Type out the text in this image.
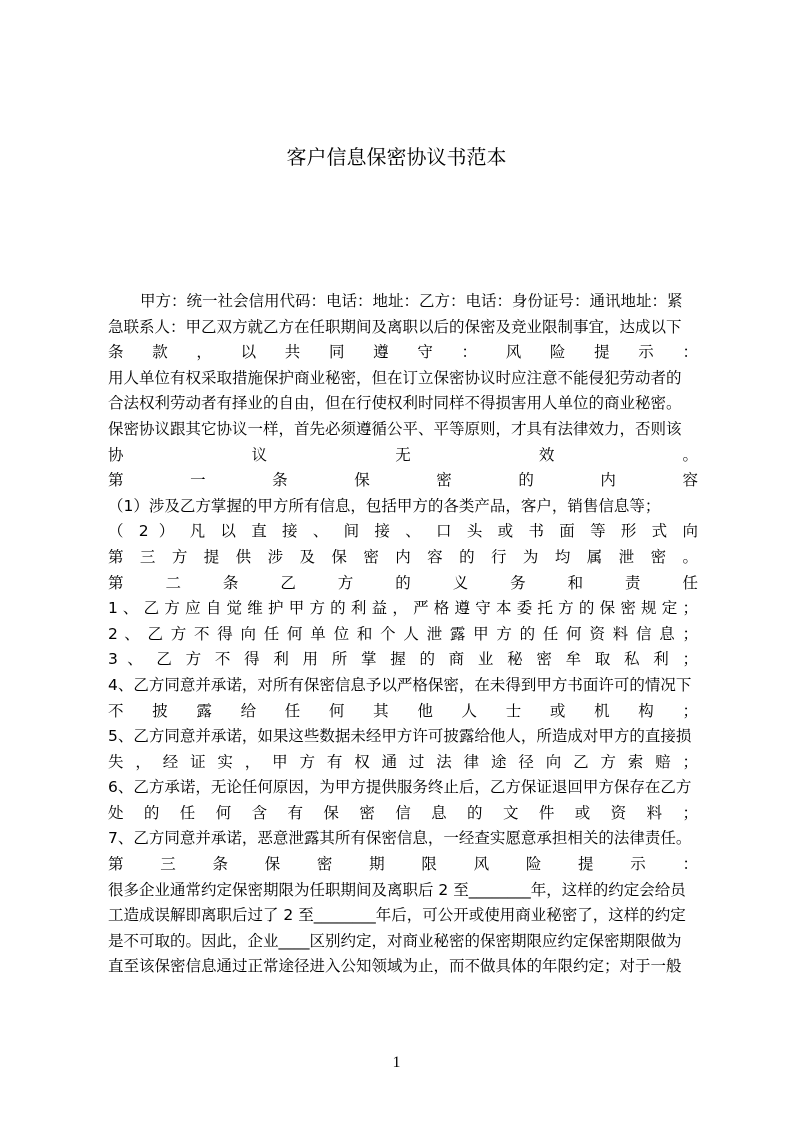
客户信息保密协议书范本
甲方：统一社会信用代码：电话：地址：乙方：电话：身份证号：通讯地址：紧
急联系人：甲乙双方就乙方在任职期间及离职以后的保密及竞业限制事宜，达成以下
条 款 ， 以 共 同 遵 守 ： 风 险 提 示 ：
用人单位有权采取措施保护商业秘密，但在订立保密协议时应注意不能侵犯劳动者的
合法权利劳动者有择业的自由，但在行使权利时同样不得损害用人单位的商业秘密。
保密协议跟其它协议一样，首先必须遵循公平、平等原则，才具有法律效力，否则该
协 议 无 效 。
第 一 条 保 密 的 内 容
（1）涉及乙方掌握的甲方所有信息，包括甲方的各类产品，客户，销售信息等；
（ 2 ） 凡 以 直 接 、 间 接 、 口 头 或 书 面 等 形 式 向
第 三 方 提 供 涉 及 保 密 内 容 的 行 为 均 属 泄 密 。
第 二 条 乙 方 的 义 务 和 责 任
1 、 乙 方 应 自 觉 维 护 甲 方 的 利 益 ， 严 格 遵 守 本 委 托 方 的 保 密 规 定 ；
2 、 乙 方 不 得 向 任 何 单 位 和 个 人 泄 露 甲 方 的 任 何 资 料 信 息 ；
3 、 乙 方 不 得 利 用 所 掌 握 的 商 业 秘 密 牟 取 私 利 ；
4、乙方同意并承诺，对所有保密信息予以严格保密，在未得到甲方书面许可的情况下
不 披 露 给 任 何 其 他 人 士 或 机 构 ；
5、乙方同意并承诺，如果这些数据未经甲方许可披露给他人，所造成对甲方的直接损
失 ， 经 证 实 ， 甲 方 有 权 通 过 法 律 途 径 向 乙 方 索 赔 ；
6、乙方承诺，无论任何原因，为甲方提供服务终止后，乙方保证退回甲方保存在乙方
处 的 任 何 含 有 保 密 信 息 的 文 件 或 资 料 ；
7、乙方同意并承诺，恶意泄露其所有保密信息，一经查实愿意承担相关的法律责任。
第 三 条 保 密 期 限 风 险 提 示 ：
很多企业通常约定保密期限为任职期间及离职后 2 至________年，这样的约定会给员
工造成误解即离职后过了 2 至________年后，可公开或使用商业秘密了，这样的约定
是不可取的。因此，企业____区别约定，对商业秘密的保密期限应约定保密期限做为
直至该保密信息通过正常途径进入公知领域为止，而不做具体的年限约定；对于一般
1
